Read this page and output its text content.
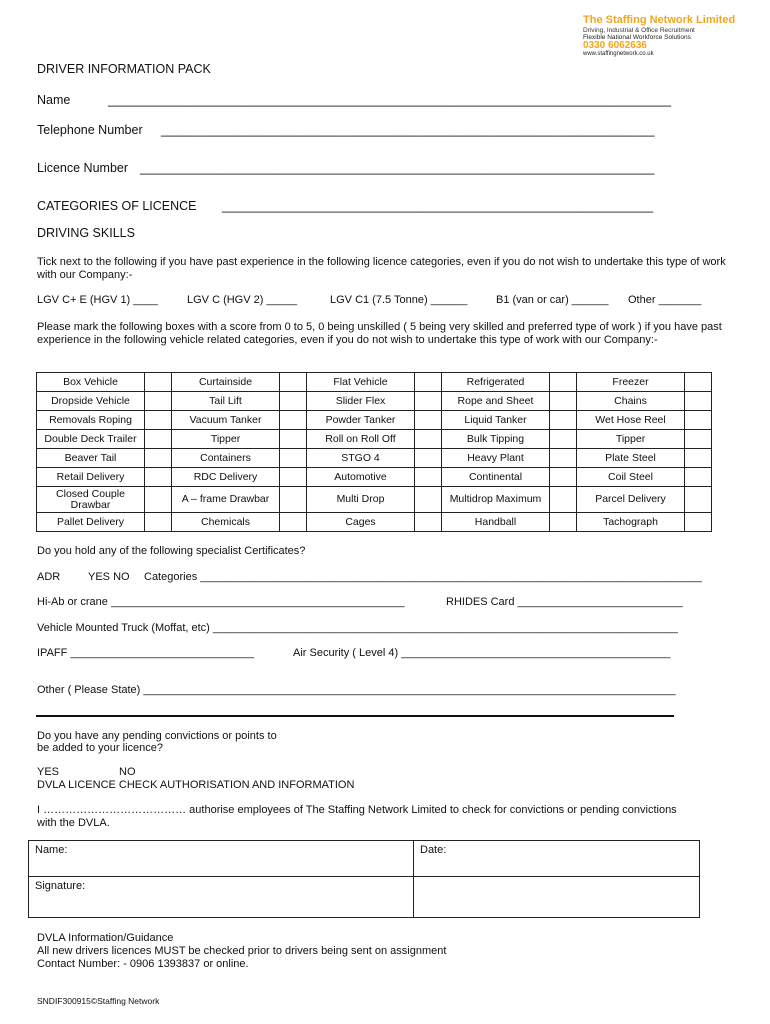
The Staffing Network Limited
Driving, Industrial & Office Recruitment
Flexible National Workforce Solutions
0330 6062636
www.staffingnetwork.co.uk
DRIVER INFORMATION PACK
Name	_________________________________________________________________________________
Telephone Number _______________________________________________________________________
Licence Number __________________________________________________________________________
CATEGORIES OF LICENCE ______________________________________________________________
DRIVING SKILLS
Tick next to the following if you have past experience in the following licence categories, even if you do not wish to undertake this type of work with our Company:-
LGV C+ E (HGV 1) ____	LGV C (HGV 2) _____	LGV C1 (7.5 Tonne) ______	B1 (van or car) ______ Other _______
Please mark the following boxes with a score from 0 to 5, 0 being unskilled ( 5 being very skilled and preferred type of work ) if you have past experience in the following vehicle related categories, even if you do not wish to undertake this type of work with our Company:-
Box Vehicle		Curtainside		Flat Vehicle		Refrigerated		Freezer	
Dropside Vehicle		Tail Lift		Slider Flex		Rope and Sheet		Chains	
Removals Roping		Vacuum Tanker		Powder Tanker		Liquid Tanker		Wet Hose Reel	
Double Deck Trailer		Tipper		Roll on Roll Off		Bulk Tipping		Tipper	
Beaver Tail		Containers		STGO 4		Heavy Plant		Plate Steel	
Retail Delivery		RDC Delivery		Automotive		Continental		Coil Steel	
Closed Couple Drawbar		A – frame Drawbar		Multi Drop		Multidrop Maximum		Parcel Delivery	
Pallet Delivery		Chemicals		Cages		Handball		Tachograph	
Do you hold any of the following specialist Certificates?
ADR	YES NO Categories __________________________________________________________________________________
Hi-Ab or crane ________________________________________________	RHIDES Card ___________________________
Vehicle Mounted Truck (Moffat, etc) ____________________________________________________________________________
IPAFF ______________________________	Air Security ( Level 4) ____________________________________________
Other ( Please State) _______________________________________________________________________________________
Do you have any pending convictions or points to
be added to your licence?
YES	NO
DVLA LICENCE CHECK AUTHORISATION AND INFORMATION
I ………………………………… authorise employees of The Staffing Network Limited to check for convictions or pending convictions
with the DVLA.
Name:	Date:
Signature:	
DVLA Information/Guidance
All new drivers licences MUST be checked prior to drivers being sent on assignment
Contact Number: - 0906 1393837 or online.
SNDIF300915©Staffing Network
